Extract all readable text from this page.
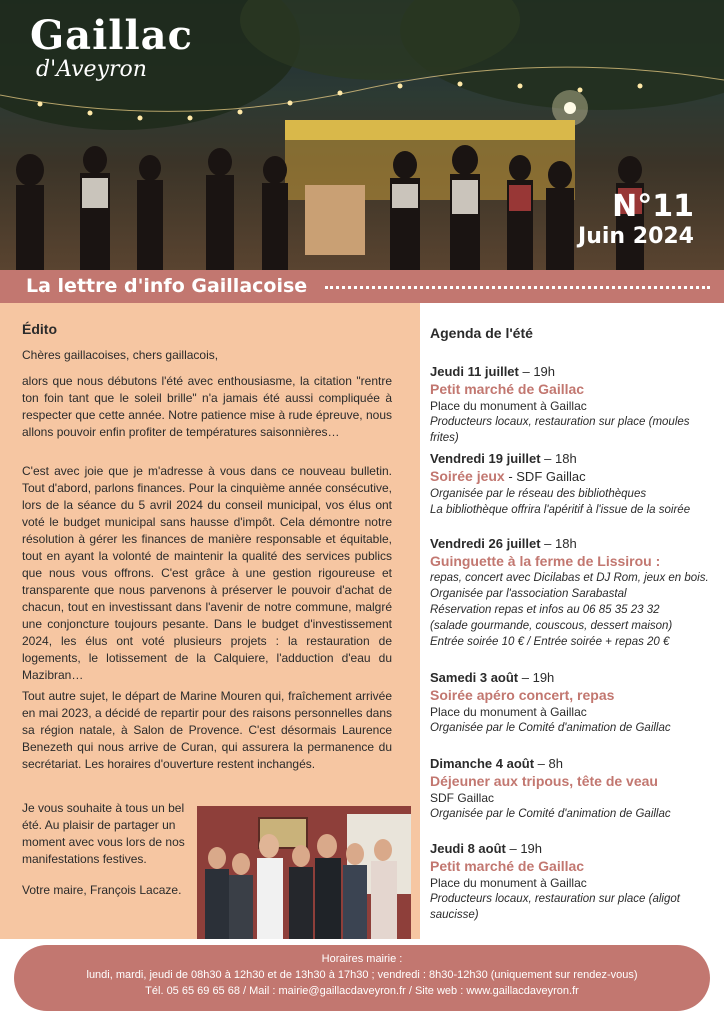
Gaillac
d'Aveyron
N°11
Juin 2024
La lettre d'info Gaillacoise
Édito
Chères gaillacoises, chers gaillacois,
alors que nous débutons l'été avec enthousiasme, la citation "rentre ton foin tant que le soleil brille" n'a jamais été aussi compliquée à respecter que cette année. Notre patience mise à rude épreuve, nous allons pouvoir enfin profiter de températures saisonnières…
C'est avec joie que je m'adresse à vous dans ce nouveau bulletin. Tout d'abord, parlons finances. Pour la cinquième année consécutive, lors de la séance du 5 avril 2024 du conseil municipal, vos élus ont voté le budget municipal sans hausse d'impôt. Cela démontre notre résolution à gérer les finances de manière responsable et équitable, tout en ayant la volonté de maintenir la qualité des services publics que nous vous offrons. C'est grâce à une gestion rigoureuse et transparente que nous parvenons à préserver le pouvoir d'achat de chacun, tout en investissant dans l'avenir de notre commune, malgré une conjoncture toujours pesante. Dans le budget d'investissement 2024, les élus ont voté plusieurs projets : la restauration de logements, le lotissement de la Calquiere, l'adduction d'eau du Mazibran…
Tout autre sujet, le départ de Marine Mouren qui, fraîchement arrivée en mai 2023, a décidé de repartir pour des raisons personnelles dans sa région natale, à Salon de Provence. C'est désormais Laurence Benezeth qui nous arrive de Curan, qui assurera la permanence du secrétariat. Les horaires d'ouverture restent inchangés.
Je vous souhaite à tous un bel été. Au plaisir de partager un moment avec vous lors de nos manifestations festives.
Votre maire, François Lacaze.
Agenda de l'été
Jeudi 11 juillet – 19h
Petit marché de Gaillac
Place du monument à Gaillac
Producteurs locaux, restauration sur place (moules frites)
Vendredi 19 juillet – 18h
Soirée jeux - SDF Gaillac
Organisée par le réseau des bibliothèques
La bibliothèque offrira l'apéritif à l'issue de la soirée
Vendredi 26 juillet – 18h
Guinguette à la ferme de Lissirou :
repas, concert avec Dicilabas et DJ Rom, jeux en bois. Organisée par l'association Sarabastal
Réservation repas et infos au 06 85 35 23 32
(salade gourmande, couscous, dessert maison)
Entrée soirée 10 € / Entrée soirée + repas 20 €
Samedi 3 août – 19h
Soirée apéro concert, repas
Place du monument à Gaillac
Organisée par le Comité d'animation de Gaillac
Dimanche 4 août – 8h
Déjeuner aux tripous, tête de veau
SDF Gaillac
Organisée par le Comité d'animation de Gaillac
Jeudi 8 août – 19h
Petit marché de Gaillac
Place du monument à Gaillac
Producteurs locaux, restauration sur place (aligot saucisse)
Horaires mairie :
lundi, mardi, jeudi de 08h30 à 12h30 et de 13h30 à 17h30 ; vendredi : 8h30-12h30 (uniquement sur rendez-vous)
Tél. 05 65 69 65 68 / Mail : mairie@gaillacdaveyron.fr / Site web : www.gaillacdaveyron.fr
